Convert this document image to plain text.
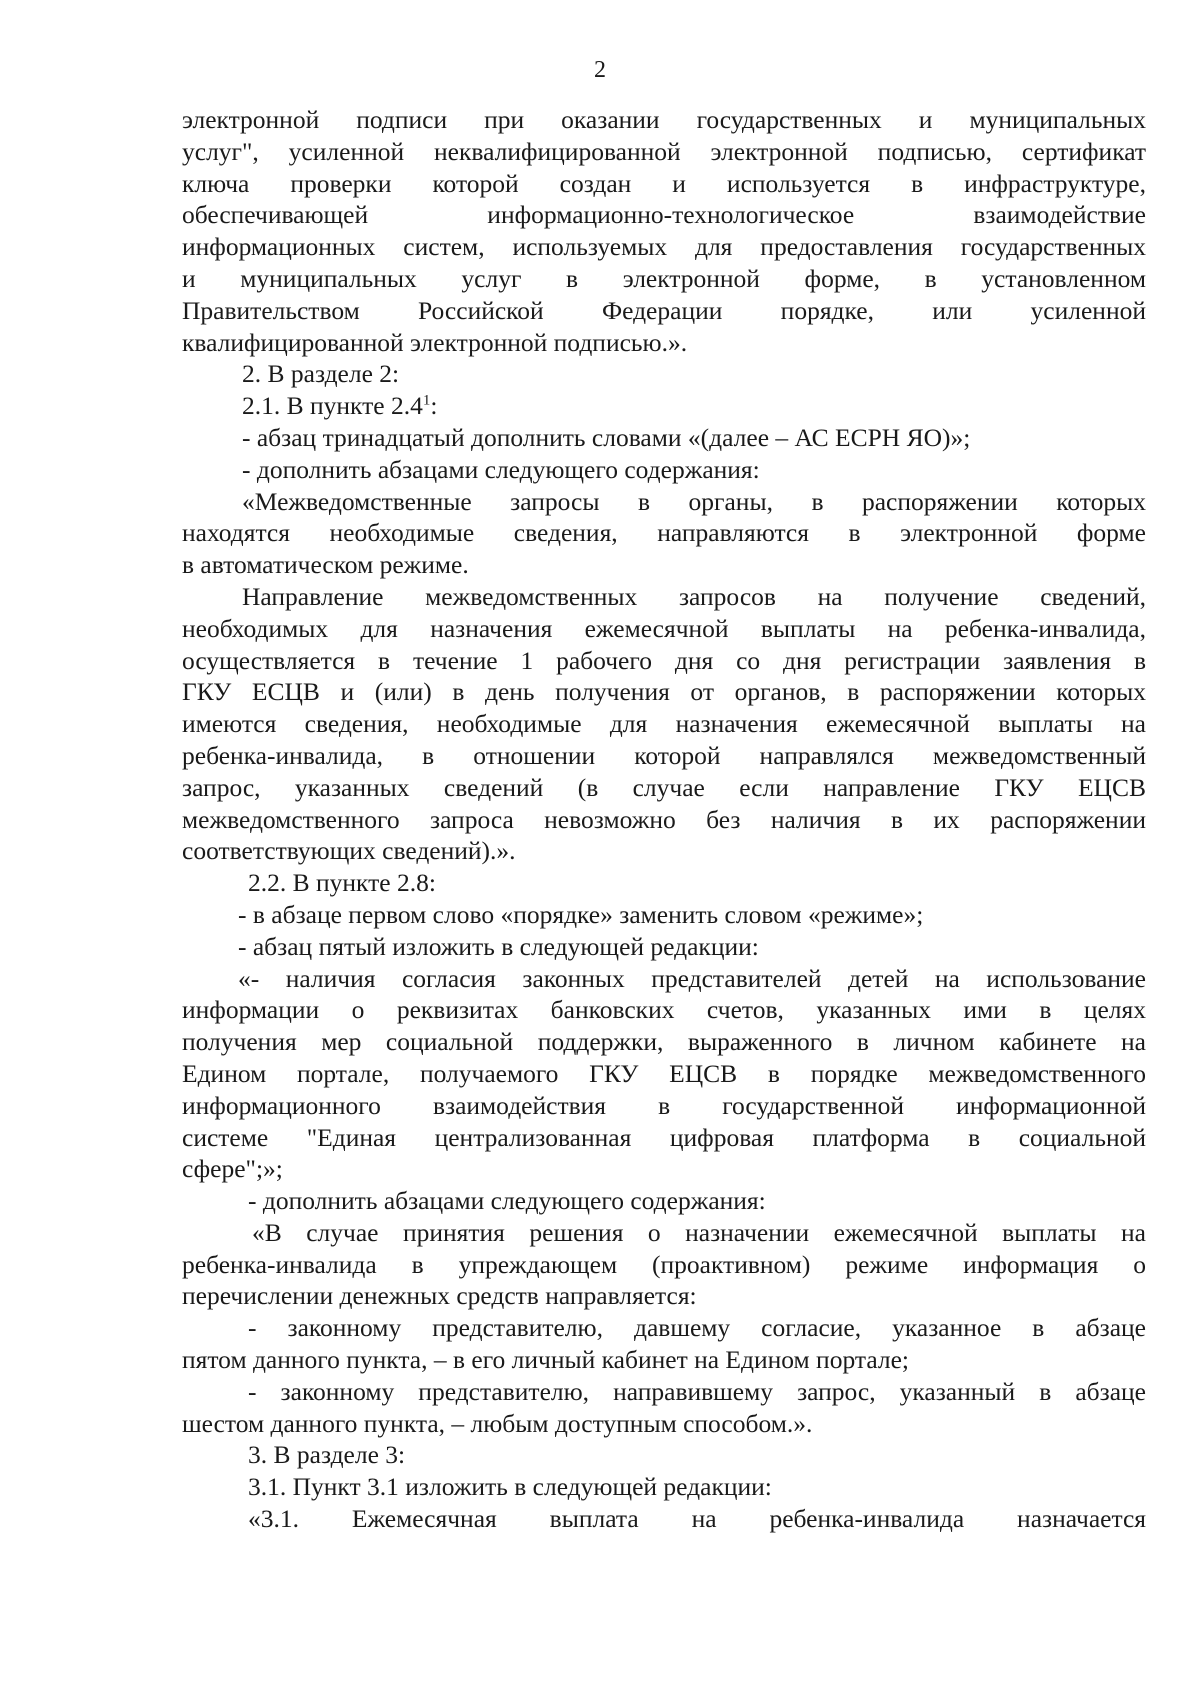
2
электронной подписи при оказании государственных и муниципальных
услуг", усиленной неквалифицированной электронной подписью, сертификат
ключа проверки которой создан и используется в инфраструктуре,
обеспечивающей информационно-технологическое взаимодействие
информационных систем, используемых для предоставления государственных
и муниципальных услуг в электронной форме, в установленном
Правительством Российской Федерации порядке, или усиленной
квалифицированной электронной подписью.».
2. В разделе 2:
2.1. В пункте $2.4^1$:
- абзац тринадцатый дополнить словами «(далее – АС ЕСРН ЯО)»;
- дополнить абзацами следующего содержания:
«Межведомственные запросы в органы, в распоряжении которых
находятся необходимые сведения, направляются в электронной форме
в автоматическом режиме.
Направление межведомственных запросов на получение сведений,
необходимых для назначения ежемесячной выплаты на ребенка-инвалида,
осуществляется в течение 1 рабочего дня со дня регистрации заявления в
ГКУ ЕСЦВ и (или) в день получения от органов, в распоряжении которых
имеются сведения, необходимые для назначения ежемесячной выплаты на
ребенка-инвалида, в отношении которой направлялся межведомственный
запрос, указанных сведений (в случае если направление ГКУ ЕЦСВ
межведомственного запроса невозможно без наличия в их распоряжении
соответствующих сведений).».
2.2. В пункте 2.8:
- в абзаце первом слово «порядке» заменить словом «режиме»;
- абзац пятый изложить в следующей редакции:
«- наличия согласия законных представителей детей на использование
информации о реквизитах банковских счетов, указанных ими в целях
получения мер социальной поддержки, выраженного в личном кабинете на
Едином портале, получаемого ГКУ ЕЦСВ в порядке межведомственного
информационного взаимодействия в государственной информационной
системе "Единая централизованная цифровая платформа в социальной
сфере";»;
- дополнить абзацами следующего содержания:
«В случае принятия решения о назначении ежемесячной выплаты на
ребенка-инвалида в упреждающем (проактивном) режиме информация о
перечислении денежных средств направляется:
- законному представителю, давшему согласие, указанное в абзаце
пятом данного пункта, – в его личный кабинет на Едином портале;
- законному представителю, направившему запрос, указанный в абзаце
шестом данного пункта, – любым доступным способом.».
3. В разделе 3:
3.1. Пункт 3.1 изложить в следующей редакции:
«3.1. Ежемесячная выплата на ребенка-инвалида назначается
